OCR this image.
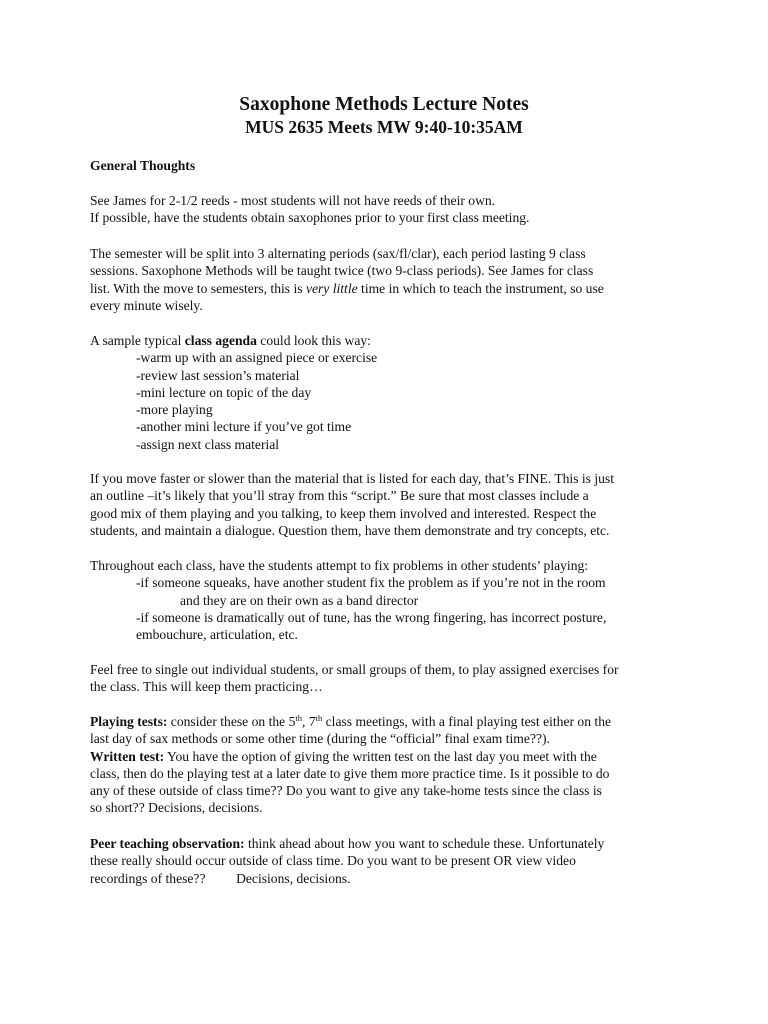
Saxophone Methods Lecture Notes
MUS 2635 Meets MW 9:40-10:35AM
General Thoughts
See James for 2-1/2 reeds - most students will not have reeds of their own.
If possible, have the students obtain saxophones prior to your first class meeting.
The semester will be split into 3 alternating periods (sax/fl/clar), each period lasting 9 class
sessions. Saxophone Methods will be taught twice (two 9-class periods). See James for class
list. With the move to semesters, this is very little time in which to teach the instrument, so use
every minute wisely.
A sample typical class agenda could look this way:
-warm up with an assigned piece or exercise
-review last session’s material
-mini lecture on topic of the day
-more playing
-another mini lecture if you’ve got time
-assign next class material
If you move faster or slower than the material that is listed for each day, that’s FINE. This is just
an outline –it’s likely that you’ll stray from this “script.” Be sure that most classes include a
good mix of them playing and you talking, to keep them involved and interested. Respect the
students, and maintain a dialogue. Question them, have them demonstrate and try concepts, etc.
Throughout each class, have the students attempt to fix problems in other students’ playing:
-if someone squeaks, have another student fix the problem as if you’re not in the room
and they are on their own as a band director
-if someone is dramatically out of tune, has the wrong fingering, has incorrect posture,
embouchure, articulation, etc.
Feel free to single out individual students, or small groups of them, to play assigned exercises for
the class. This will keep them practicing…
Playing tests: consider these on the 5th, 7th class meetings, with a final playing test either on the
last day of sax methods or some other time (during the “official” final exam time??).
Written test: You have the option of giving the written test on the last day you meet with the
class, then do the playing test at a later date to give them more practice time. Is it possible to do
any of these outside of class time?? Do you want to give any take-home tests since the class is
so short?? Decisions, decisions.
Peer teaching observation: think ahead about how you want to schedule these. Unfortunately
these really should occur outside of class time. Do you want to be present OR view video
recordings of these??         Decisions, decisions.
